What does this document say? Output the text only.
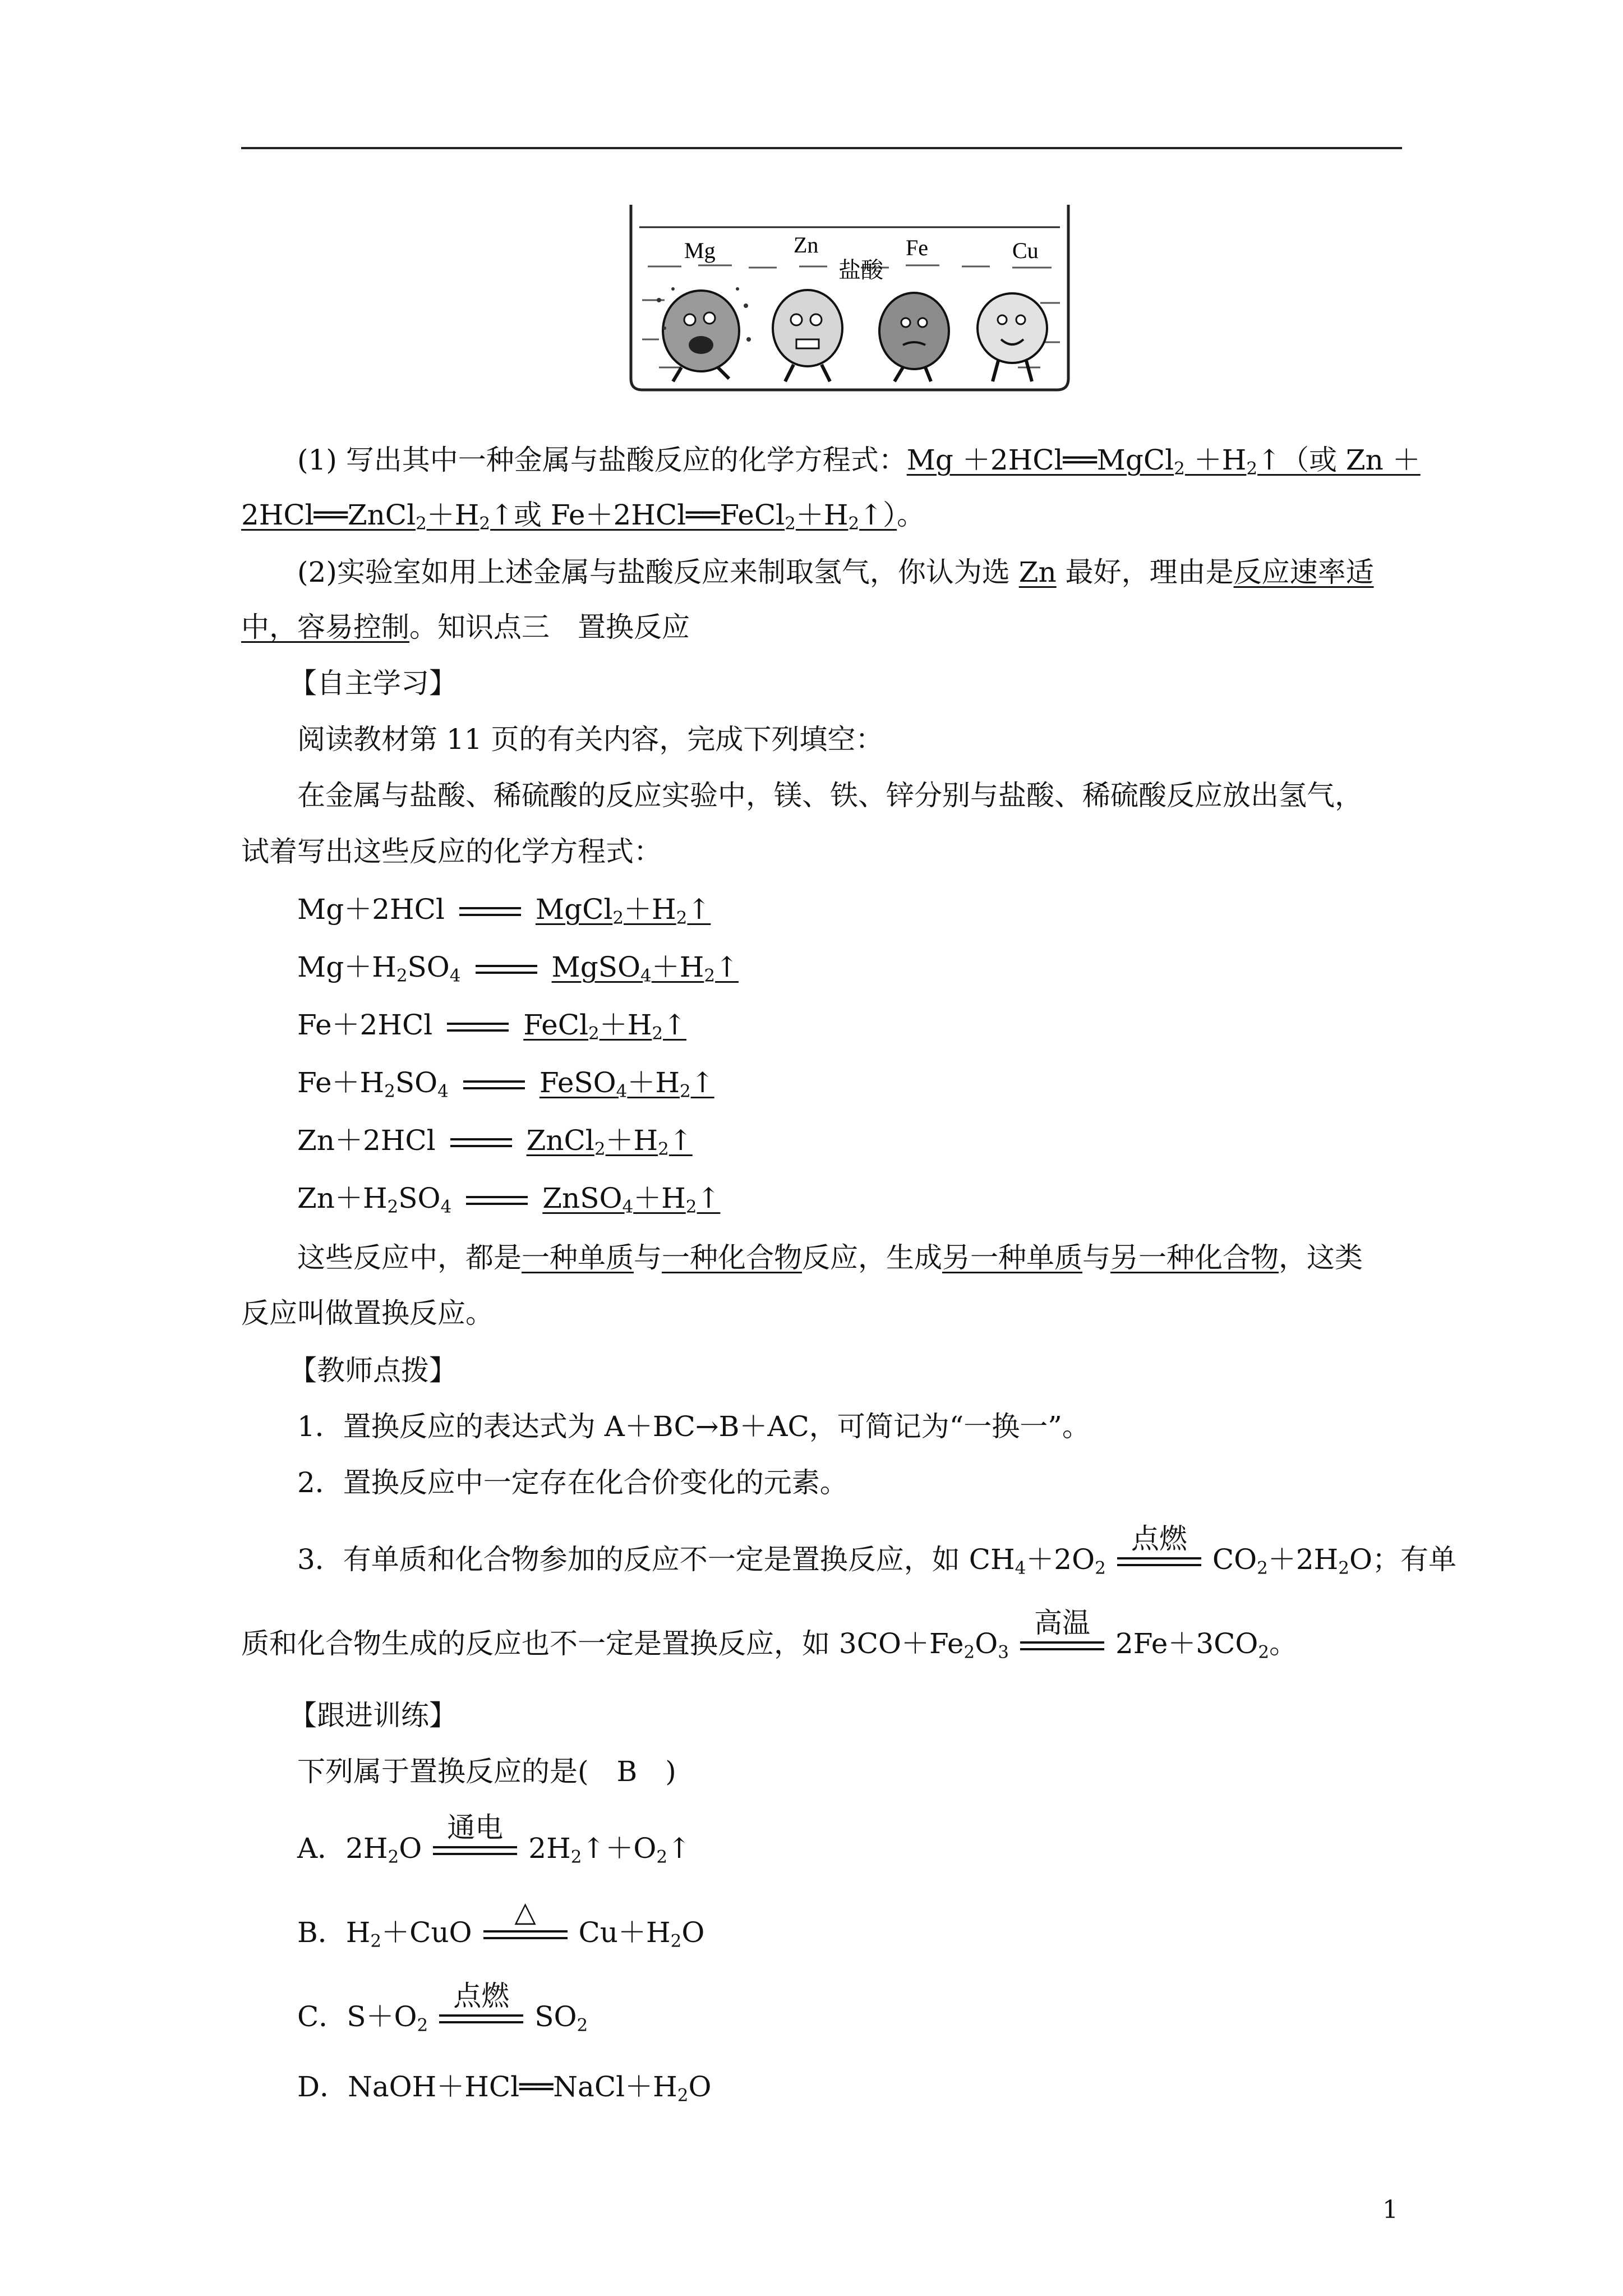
Mg	Zn
盐酸
Fe	Cu
(1) 写出其中一种金属与盐酸反应的化学方程式：Mg ＋2HCl══MgCl$_2$ $+H_2↑$（或 Zn ＋
$2HCl══ZnCl_2+H_2↑$或 $Fe+2HCl══FeCl_2+H_2↑$）。
(2)实验室如用上述金属与盐酸反应来制取氢气，你认为选 Zn 最好，理由是反应速率适
中，容易控制。知识点三　置换反应
【自主学习】
阅读教材第 11 页的有关内容，完成下列填空：
在金属与盐酸、稀硫酸的反应实验中，镁、铁、锌分别与盐酸、稀硫酸反应放出氢气，
试着写出这些反应的化学方程式：
Mg＋2HCl	$MgCl_2+H_2↑$
$Mg+H_2SO_4$	$MgSO_4+H_2↑$
Fe＋2HCl	$FeCl_2+H_2↑$
$Fe+H_2SO_4$	$FeSO_4+H_2↑$
Zn＋2HCl	$ZnCl_2+H_2↑$
$Zn+H_2SO_4$	$ZnSO_4+H_2↑$
这些反应中，都是一种单质与一种化合物反应，生成另一种单质与另一种化合物，这类
反应叫做置换反应。
【教师点拨】
1．置换反应的表达式为 A＋BC→B＋AC，可简记为“一换一”。
2．置换反应中一定存在化合价变化的元素。
3．有单质和化合物参加的反应不一定是置换反应，如 $CH_4+2O_2$
点燃
$CO_2+2H_2O$；有单
质和化合物生成的反应也不一定是置换反应，如 $3CO+Fe_2O_3$
高温
$2Fe+3CO_2$。
【跟进训练】
下列属于置换反应的是(　B　)
A．$2H_2O$
通电
$2H_2↑+O_2↑$
B．$H_2+CuO$
△
$Cu+H_2O$
C．$S+O_2$
点燃
$SO_2$
D．$NaOH+HCl══NaCl+H_2O$
1
